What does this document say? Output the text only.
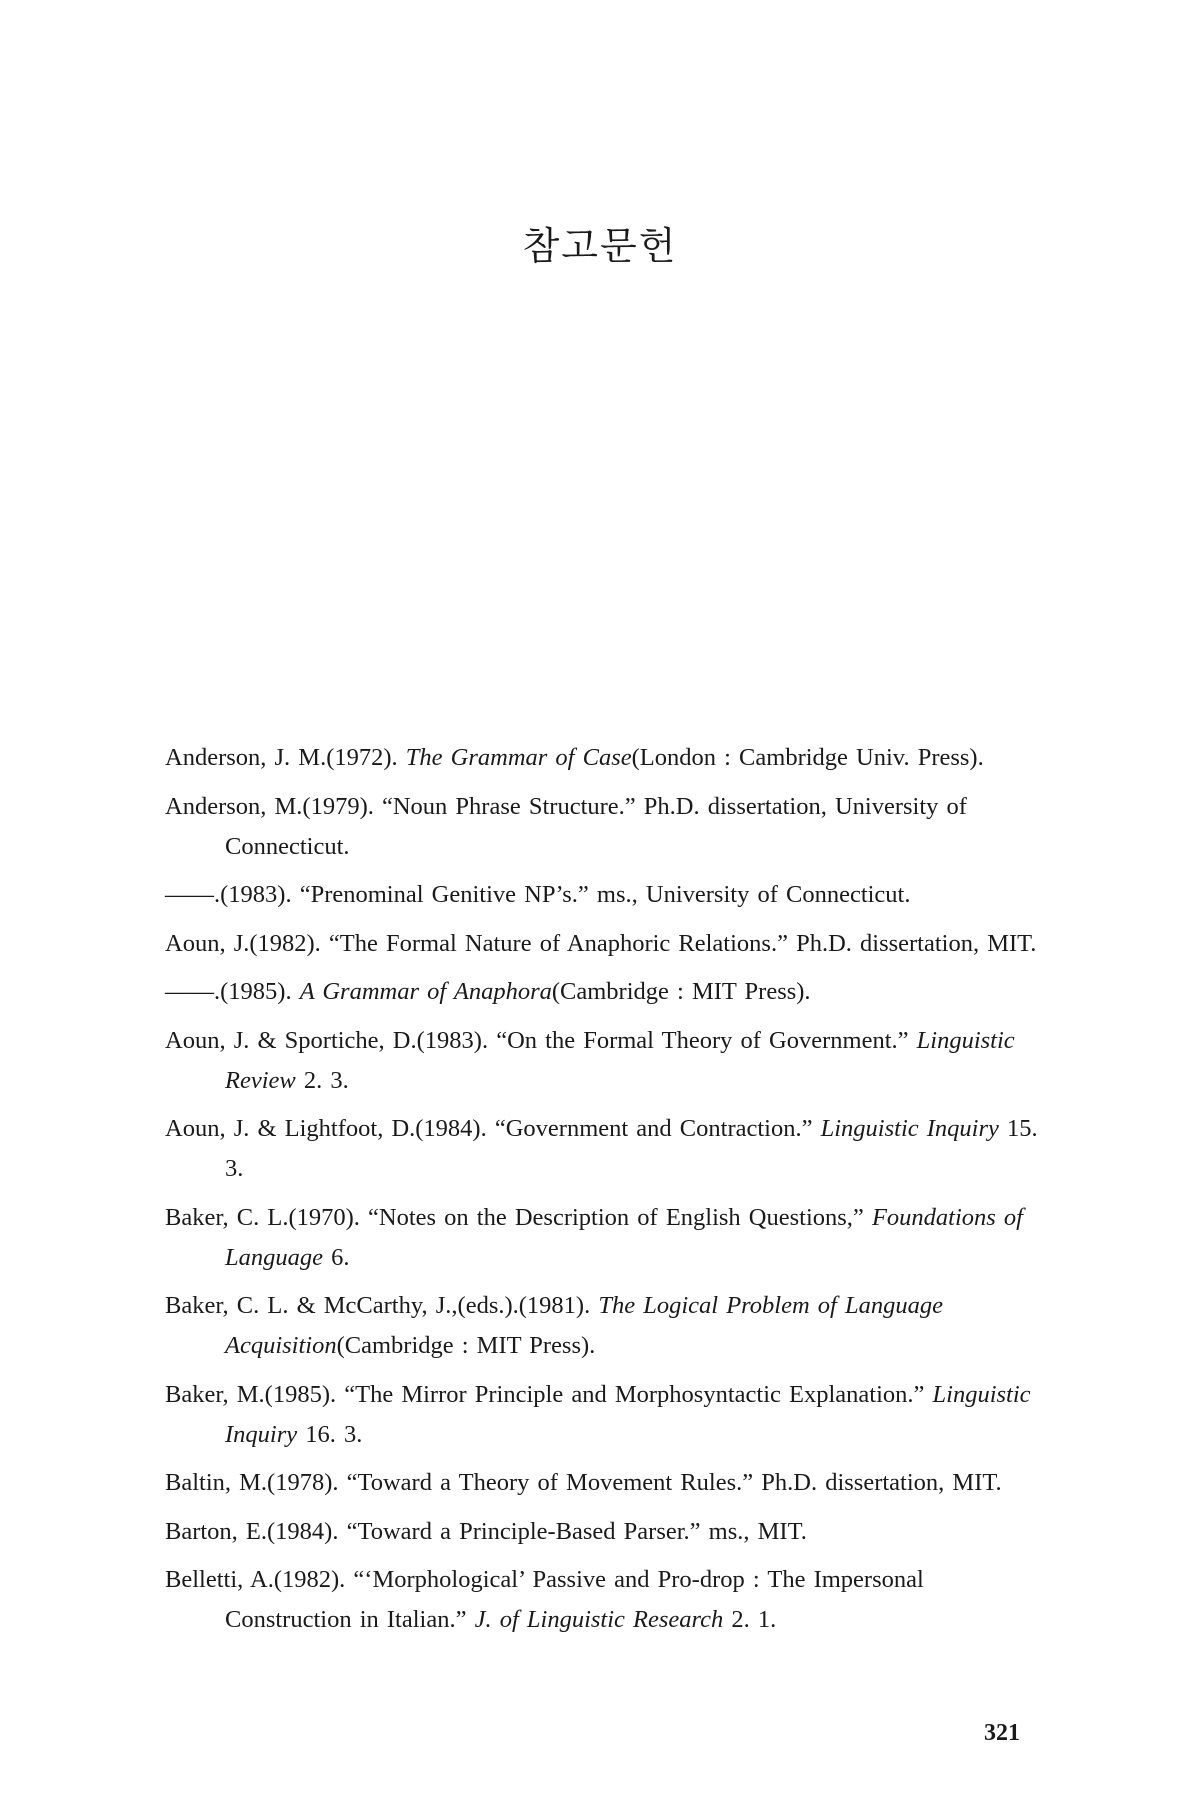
참고문헌
Anderson, J. M.(1972). The Grammar of Case(London : Cambridge Univ. Press).
Anderson, M.(1979). “Noun Phrase Structure.” Ph.D. dissertation, University of Connecticut.
——.(1983). “Prenominal Genitive NP’s.” ms., University of Connecticut.
Aoun, J.(1982). “The Formal Nature of Anaphoric Relations.” Ph.D. dissertation, MIT.
——.(1985). A Grammar of Anaphora(Cambridge : MIT Press).
Aoun, J. & Sportiche, D.(1983). “On the Formal Theory of Government.” Linguistic Review 2. 3.
Aoun, J. & Lightfoot, D.(1984). “Government and Contraction.” Linguistic Inquiry 15. 3.
Baker, C. L.(1970). “Notes on the Description of English Questions,” Foundations of Language 6.
Baker, C. L. & McCarthy, J.,(eds.).(1981). The Logical Problem of Language Acquisition(Cambridge : MIT Press).
Baker, M.(1985). “The Mirror Principle and Morphosyntactic Explanation.” Linguistic Inquiry 16. 3.
Baltin, M.(1978). “Toward a Theory of Movement Rules.” Ph.D. dissertation, MIT.
Barton, E.(1984). “Toward a Principle-Based Parser.” ms., MIT.
Belletti, A.(1982). “‘Morphological’ Passive and Pro-drop : The Impersonal Construction in Italian.” J. of Linguistic Research 2. 1.

321
